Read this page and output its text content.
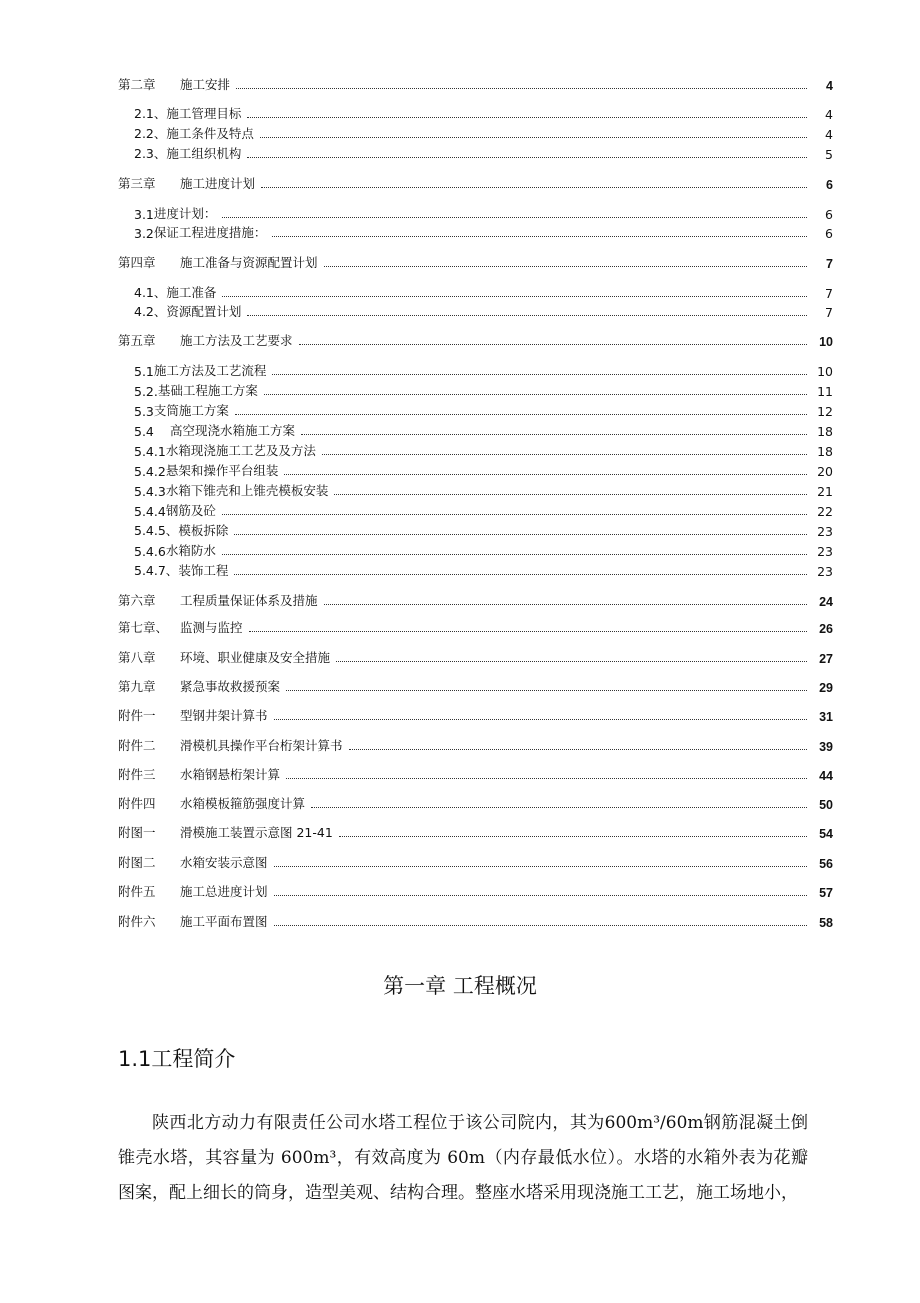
第二章	施工安排	4
2.1、 施工管理目标	4
2.2、 施工条件及特点	4
2.3、 施工组织机构	5
第三章	施工进度计划	6
3.1 进度计划：	6
3.2 保证工程进度措施：	6
第四章	施工准备与资源配置计划	7
4.1、 施工准备	7
4.2、 资源配置计划	7
第五章	施工方法及工艺要求	10
5.1 施工方法及工艺流程	10
5.2. 基础工程施工方案	11
5.3 支筒施工方案	12
5.4	高空现浇水箱施工方案	18
5.4.1 水箱现浇施工工艺及及方法	18
5.4.2 悬架和操作平台组装	20
5.4.3 水箱下锥壳和上锥壳模板安装	21
5.4.4 钢筋及砼	22
5.4.5、 模板拆除	23
5.4.6 水箱防水	23
5.4.7、 装饰工程	23
第六章	工程质量保证体系及措施	24
第七章、 监测与监控	26
第八章	环境、职业健康及安全措施	27
第九章	紧急事故救援预案	29
附件一	型钢井架计算书	31
附件二	滑模机具操作平台桁架计算书	39
附件三	水箱钢悬桁架计算	44
附件四	水箱模板箍筋强度计算	50
附图一	滑模施工装置示意图 21-41	54
附图二	水箱安装示意图	56
附件五	施工总进度计划	57
附件六	施工平面布置图	58
第一章 工程概况
1.1工程简介
陕西北方动力有限责任公司水塔工程位于该公司院内，其为600m³/60m钢筋混凝土倒锥壳水塔，其容量为 600m³，有效高度为 60m（内存最低水位）。水塔的水箱外表为花瓣图案，配上细长的筒身，造型美观、结构合理。整座水塔采用现浇施工工艺，施工场地小，
